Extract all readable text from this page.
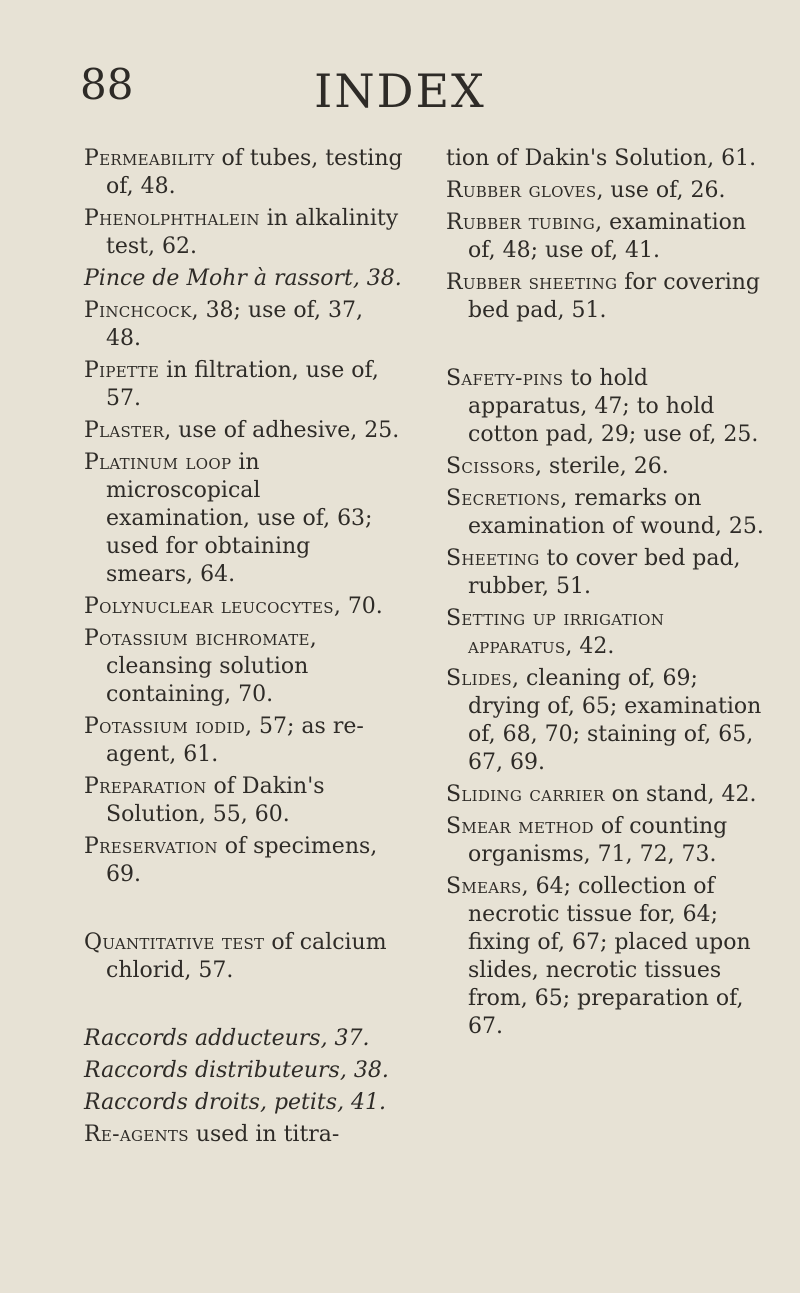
88	INDEX

Permeability of tubes, testing of, 48.

Phenolphthalein in alkalinity test, 62.

Pince de Mohr à rassort, 38.

Pinchcock, 38; use of, 37, 48.

Pipette in filtration, use of, 57.

Plaster, use of adhesive, 25.

Platinum loop in microscopical examination, use of, 63; used for obtaining smears, 64.

Polynuclear leucocytes, 70.

Potassium bichromate, cleansing solution containing, 70.

Potassium iodid, 57; as re-agent, 61.

Preparation of Dakin's Solution, 55, 60.

Preservation of specimens, 69.

Quantitative test of calcium chlorid, 57.

Raccords adducteurs, 37.

Raccords distributeurs, 38.

Raccords droits, petits, 41.

Re-agents used in titra-

tion of Dakin's Solution, 61.

Rubber gloves, use of, 26.

Rubber tubing, examination of, 48; use of, 41.

Rubber sheeting for covering bed pad, 51.

Safety-pins to hold apparatus, 47; to hold cotton pad, 29; use of, 25.

Scissors, sterile, 26.

Secretions, remarks on examination of wound, 25.

Sheeting to cover bed pad, rubber, 51.

Setting up irrigation apparatus, 42.

Slides, cleaning of, 69; drying of, 65; examination of, 68, 70; staining of, 65, 67, 69.

Sliding carrier on stand, 42.

Smear method of counting organisms, 71, 72, 73.

Smears, 64; collection of necrotic tissue for, 64; fixing of, 67; placed upon slides, necrotic tissues from, 65; preparation of, 67.
